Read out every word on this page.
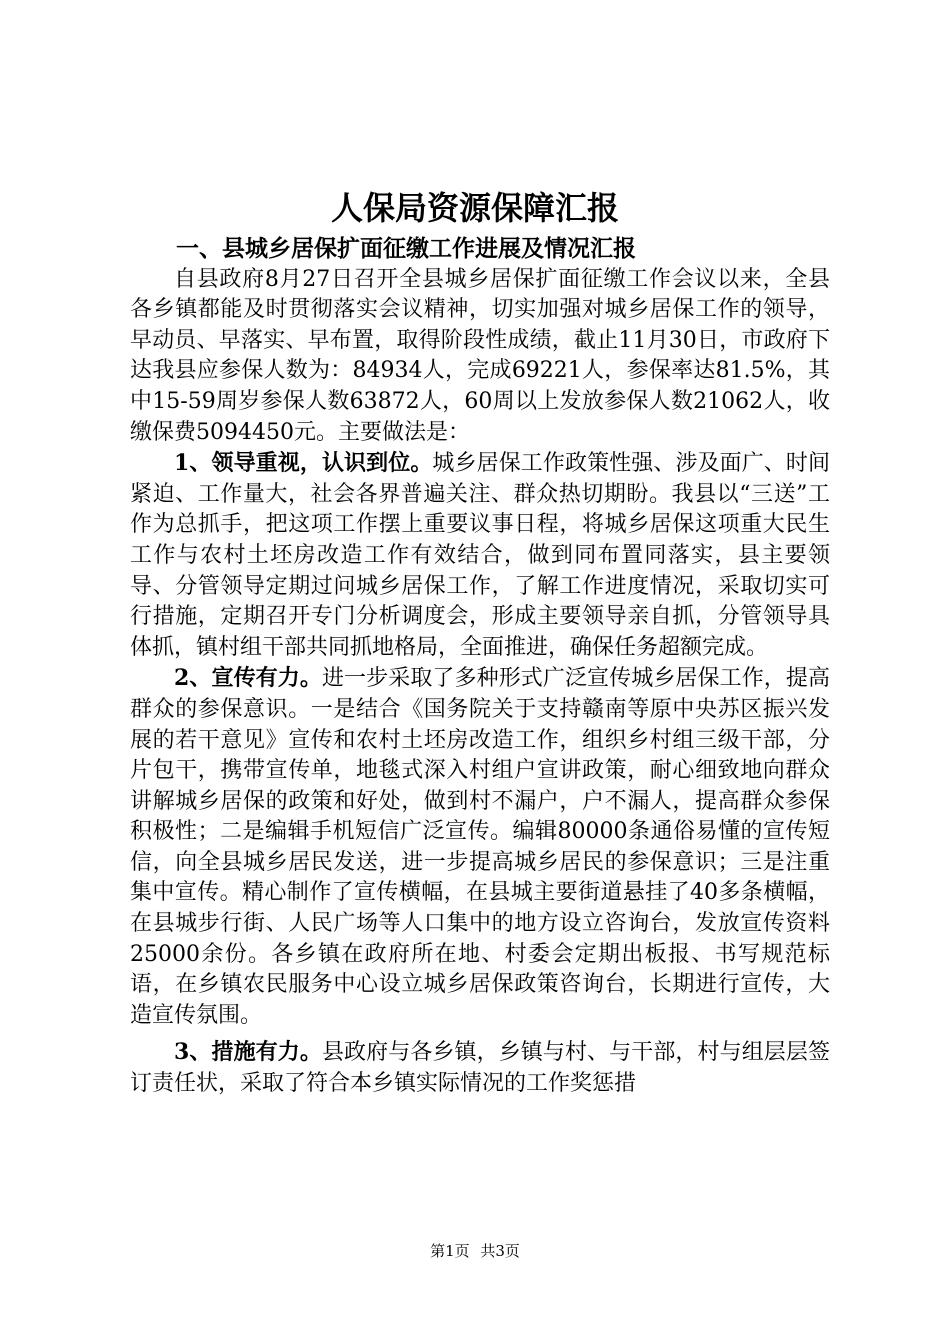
人保局资源保障汇报

一、县城乡居保扩面征缴工作进展及情况汇报

自县政府8月27日召开全县城乡居保扩面征缴工作会议以来，全县各乡镇都能及时贯彻落实会议精神，切实加强对城乡居保工作的领导，早动员、早落实、早布置，取得阶段性成绩，截止11月30日，市政府下达我县应参保人数为：84934人，完成69221人，参保率达81.5%，其中15-59周岁参保人数63872人，60周以上发放参保人数21062人，收缴保费5094450元。主要做法是：

1、领导重视，认识到位。城乡居保工作政策性强、涉及面广、时间紧迫、工作量大，社会各界普遍关注、群众热切期盼。我县以“三送”工作为总抓手，把这项工作摆上重要议事日程，将城乡居保这项重大民生工作与农村土坯房改造工作有效结合，做到同布置同落实，县主要领导、分管领导定期过问城乡居保工作，了解工作进度情况，采取切实可行措施，定期召开专门分析调度会，形成主要领导亲自抓，分管领导具体抓，镇村组干部共同抓地格局，全面推进，确保任务超额完成。

2、宣传有力。进一步采取了多种形式广泛宣传城乡居保工作，提高群众的参保意识。一是结合《国务院关于支持赣南等原中央苏区振兴发展的若干意见》宣传和农村土坯房改造工作，组织乡村组三级干部，分片包干，携带宣传单，地毯式深入村组户宣讲政策，耐心细致地向群众讲解城乡居保的政策和好处，做到村不漏户，户不漏人，提高群众参保积极性；二是编辑手机短信广泛宣传。编辑80000条通俗易懂的宣传短信，向全县城乡居民发送，进一步提高城乡居民的参保意识；三是注重集中宣传。精心制作了宣传横幅，在县城主要街道悬挂了40多条横幅，在县城步行街、人民广场等人口集中的地方设立咨询台，发放宣传资料25000余份。各乡镇在政府所在地、村委会定期出板报、书写规范标语，在乡镇农民服务中心设立城乡居保政策咨询台，长期进行宣传，大造宣传氛围。

3、措施有力。县政府与各乡镇，乡镇与村、与干部，村与组层层签订责任状，采取了符合本乡镇实际情况的工作奖惩措

第1页 共3页
